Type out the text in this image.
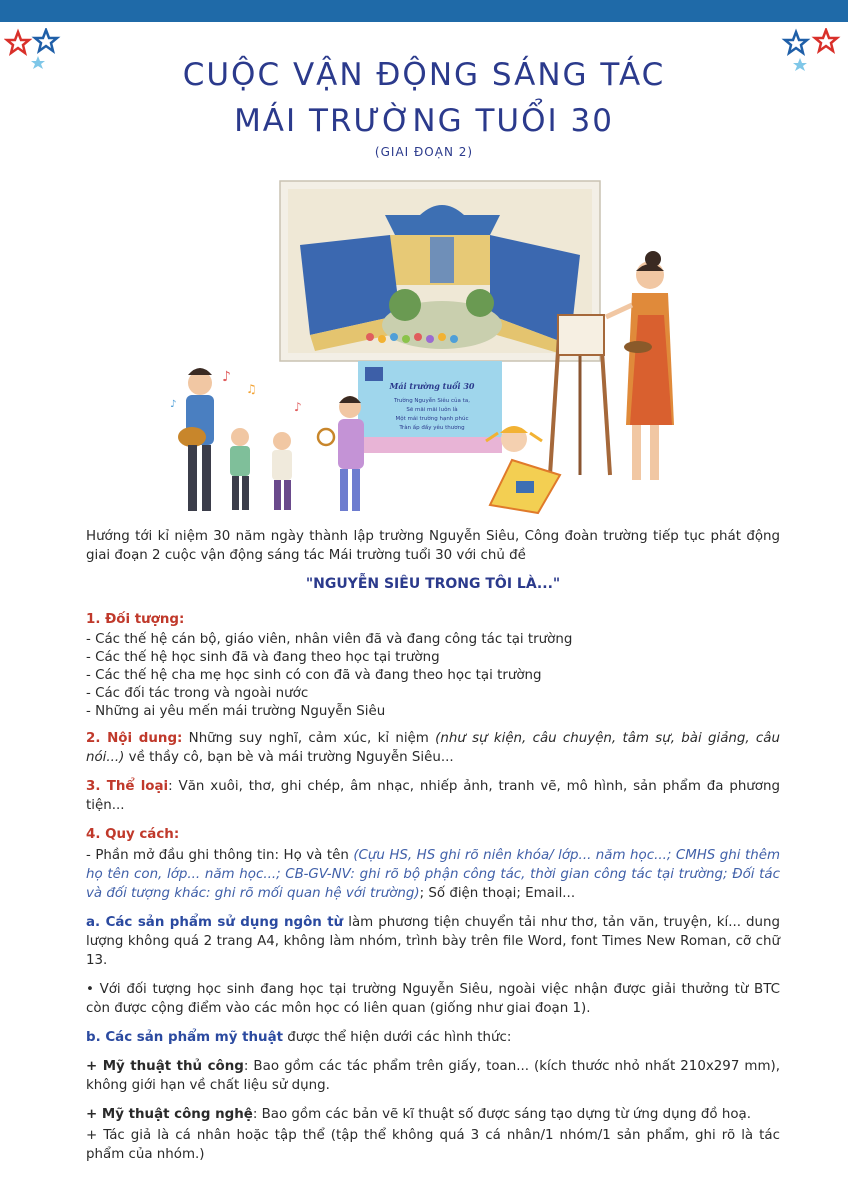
CUỘC VẬN ĐỘNG SÁNG TÁC
MÁI TRƯỜNG TUỔI 30
(GIAI ĐOẠN 2)
Mái trường tuổi 30
Trường Nguyễn Siêu của ta,
Sẽ mãi mãi luôn là
Một mái trường hạnh phúc
Tràn ấp đầy yêu thương
♪
♫
♪
♪

Hướng tới kỉ niệm 30 năm ngày thành lập trường Nguyễn Siêu, Công đoàn trường tiếp tục phát động giai đoạn 2 cuộc vận động sáng tác Mái trường tuổi 30 với chủ đề

"NGUYỄN SIÊU TRONG TÔI LÀ..."

1. Đối tượng:

- Các thế hệ cán bộ, giáo viên, nhân viên đã và đang công tác tại trường
- Các thế hệ học sinh đã và đang theo học tại trường
- Các thế hệ cha mẹ học sinh có con đã và đang theo học tại trường
- Các đối tác trong và ngoài nước
- Những ai yêu mến mái trường Nguyễn Siêu

2. Nội dung: Những suy nghĩ, cảm xúc, kỉ niệm (như sự kiện, câu chuyện, tâm sự, bài giảng, câu nói...) về thầy cô, bạn bè và mái trường Nguyễn Siêu...

3. Thể loại: Văn xuôi, thơ, ghi chép, âm nhạc, nhiếp ảnh, tranh vẽ, mô hình, sản phẩm đa phương tiện...

4. Quy cách:

- Phần mở đầu ghi thông tin: Họ và tên (Cựu HS, HS ghi rõ niên khóa/ lớp... năm học...; CMHS ghi thêm họ tên con, lớp... năm học...; CB-GV-NV: ghi rõ bộ phận công tác, thời gian công tác tại trường; Đối tác và đối tượng khác: ghi rõ mối quan hệ với trường); Số điện thoại; Email...

a. Các sản phẩm sử dụng ngôn từ làm phương tiện chuyển tải như thơ, tản văn, truyện, kí... dung lượng không quá 2 trang A4, không làm nhóm, trình bày trên file Word, font Times New Roman, cỡ chữ 13.

• Với đối tượng học sinh đang học tại trường Nguyễn Siêu, ngoài việc nhận được giải thưởng từ BTC còn được cộng điểm vào các môn học có liên quan (giống như giai đoạn 1).

b. Các sản phẩm mỹ thuật được thể hiện dưới các hình thức:

+ Mỹ thuật thủ công: Bao gồm các tác phẩm trên giấy, toan... (kích thước nhỏ nhất 210x297 mm), không giới hạn về chất liệu sử dụng.

+ Mỹ thuật công nghệ: Bao gồm các bản vẽ kĩ thuật số được sáng tạo dựng từ ứng dụng đồ hoạ.

+ Tác giả là cá nhân hoặc tập thể (tập thể không quá 3 cá nhân/1 nhóm/1 sản phẩm, ghi rõ là tác phẩm của nhóm.)
